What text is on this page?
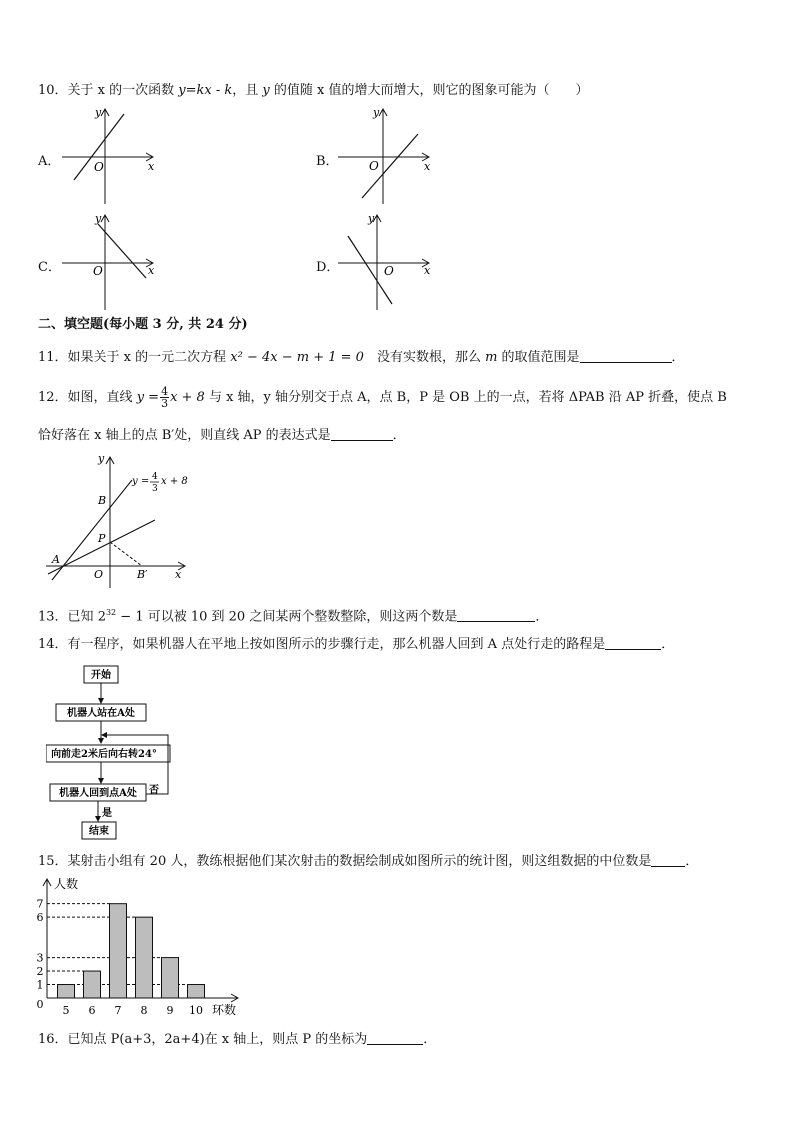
10．关于 x 的一次函数 y=kx - k，且 y 的值随 x 值的增大而增大，则它的图象可能为（　　）
A．	B．
C．	D．
y
x
O
y
x
O
y
x
O
y
x
O
二、填空题(每小题 3 分, 共 24 分)
11．如果关于 x 的一元二次方程 x² − 4x − m + 1 = 0　没有实数根，那么 m 的取值范围是	．
12．如图，直线 $y = \frac{4}{3}$ x + 8 与 x 轴，y 轴分别交于点 A，点 B，P 是 OB 上的一点，若将 ΔPAB 沿 AP 折叠，使点 B
恰好落在 x 轴上的点 B′处，则直线 AP 的表达式是	．
y
x
B
P
A
O	B′
y = 4
3
x + 8
13．已知 $2^{32} - 1$ 可以被 10 到 20 之间某两个整数整除，则这两个数是	．
14．有一程序，如果机器人在平地上按如图所示的步骤行走，那么机器人回到 A 点处行走的路程是	．
开始
机器人站在A处
向前走2米后向右转24°
机器人回到点A处 否
是
结束
15．某射击小组有 20 人，教练根据他们某次射击的数据绘制成如图所示的统计图，则这组数据的中位数是	．
人数
环数
5 6 7 8 9 10
0
1
2
3
6
7
16．已知点 P(a+3，2a+4)在 x 轴上，则点 P 的坐标为	．
